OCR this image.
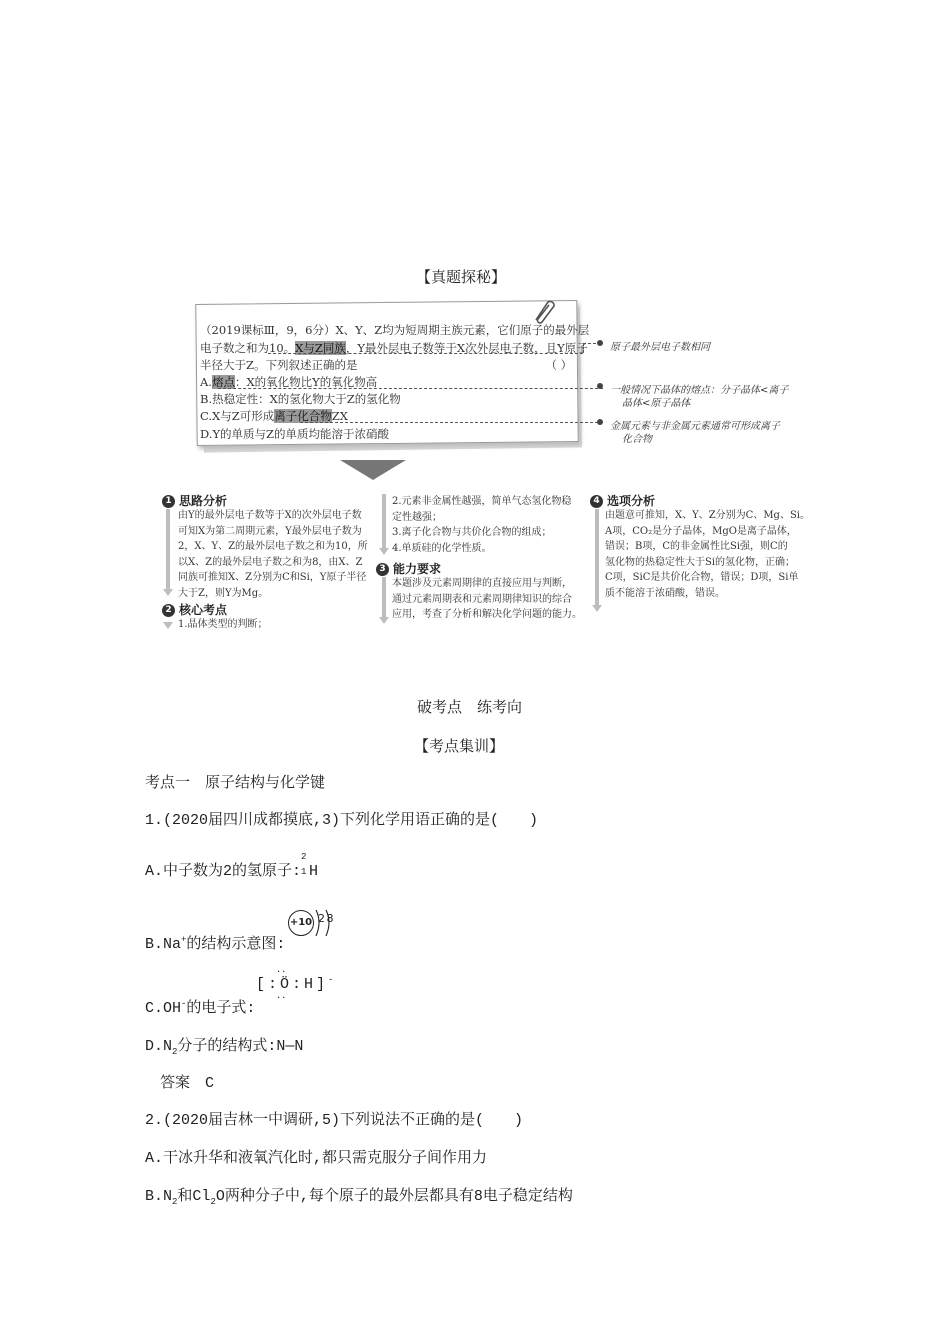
【真题探秘】
（2019课标Ⅲ，9，6分）X、Y、Z均为短周期主族元素，它们原子的最外层
电子数之和为10。X与Z同族，Y最外层电子数等于X次外层电子数，且Y原子
半径大于Z。下列叙述正确的是	（ ）
A.熔点：X的氧化物比Y的氧化物高
B.热稳定性：X的氢化物大于Z的氢化物
C.X与Z可形成离子化合物ZX
D.Y的单质与Z的单质均能溶于浓硝酸
原子最外层电子数相同
一般情况下晶体的熔点：分子晶体<离子
晶体<原子晶体
金属元素与非金属元素通常可形成离子
化合物
1 思路分析
由Y的最外层电子数等于X的次外层电子数
可知X为第二周期元素，Y最外层电子数为
2，X、Y、Z的最外层电子数之和为10，所
以X、Z的最外层电子数之和为8，由X、Z
同族可推知X、Z分别为C和Si，Y原子半径
大于Z，则Y为Mg。
2 核心考点
1.晶体类型的判断；
2.元素非金属性越强，简单气态氢化物稳
定性越强；
3.离子化合物与共价化合物的组成；
4.单质硅的化学性质。
3 能力要求
本题涉及元素周期律的直接应用与判断，
通过元素周期表和元素周期律知识的综合
应用，考查了分析和解决化学问题的能力。
4 选项分析
由题意可推知，X、Y、Z分别为C、Mg、Si。
A项，CO₂是分子晶体，MgO是离子晶体，
错误；B项，C的非金属性比Si强，则C的
氢化物的热稳定性大于Si的氢化物，正确；
C项，SiC是共价化合物，错误；D项，Si单
质不能溶于浓硝酸，错误。
破考点　练考向
【考点集训】
考点一　原子结构与化学键
1.(2020届四川成都摸底,3)下列化学用语正确的是(　　)
A.中子数为2的氢原子:
2
1 H
B.Na+的结构示意图:
+10 2 8
C.OH-的电子式:
[:Ö:H]-
··
··
$D.N_2$分子的结构式:N—N
答案　C
2.(2020届吉林一中调研,5)下列说法不正确的是(　　)
A.干冰升华和液氧汽化时,都只需克服分子间作用力
$B.N_2$和$Cl_2O$两种分子中,每个原子的最外层都具有8电子稳定结构
